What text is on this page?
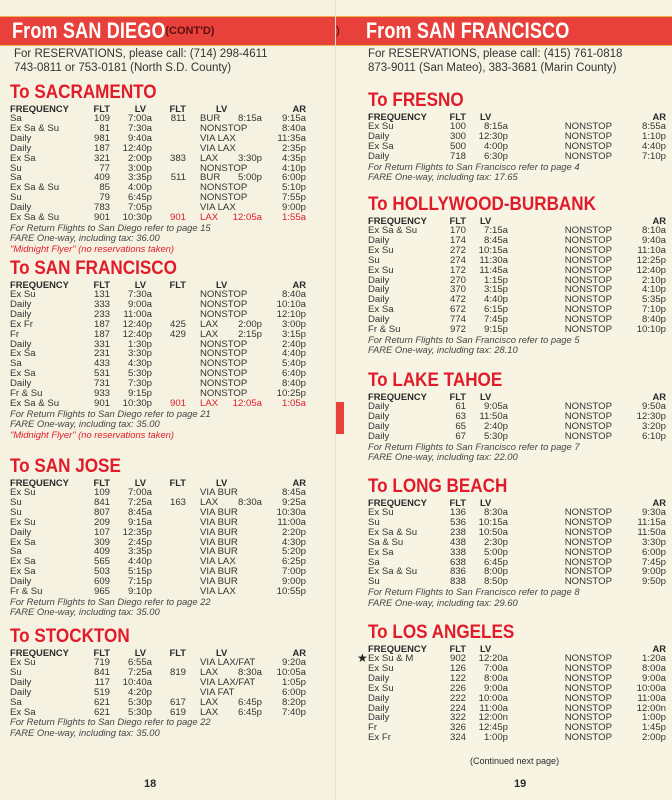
From SAN DIEGO (CONT'D)
For RESERVATIONS, please call: (714) 298-4611
743-0811 or 753-0181 (North S.D. County)
To SACRAMENTO
FREQUENCY	FLT	LV	FLT	LV	AR
Sa	109	7:00a	811	BUR 8:15a	9:15a
Ex Sa & Su	81	7:30a		NONSTOP	8:40a
Daily	981	9:40a		VIA LAX	11:35a
Daily	187	12:40p		VIA LAX	2:35p
Ex Sa	321	2:00p	383	LAX 3:30p	4:35p
Su	77	3:00p		NONSTOP	4:10p
Sa	409	3:35p	511	BUR 5:00p	6:00p
Ex Sa & Su	85	4:00p		NONSTOP	5:10p
Su	79	6:45p		NONSTOP	7:55p
Daily	783	7:05p		VIA LAX	9:00p
Ex Sa & Su	901	10:30p	901	LAX 12:05a	1:55a
For Return Flights to San Diego refer to page 15
FARE One-way, including tax: 36.00
"Midnight Flyer" (no reservations taken)
To SAN FRANCISCO
FREQUENCY	FLT	LV	FLT	LV	AR
Ex Su	131	7:30a		NONSTOP	8:40a
Daily	333	9:00a		NONSTOP	10:10a
Daily	233	11:00a		NONSTOP	12:10p
Ex Fr	187	12:40p	425	LAX 2:00p	3:00p
Fr	187	12:40p	429	LAX 2:15p	3:15p
Daily	331	1:30p		NONSTOP	2:40p
Ex Sa	231	3:30p		NONSTOP	4:40p
Sa	433	4:30p		NONSTOP	5:40p
Ex Sa	531	5:30p		NONSTOP	6:40p
Daily	731	7:30p		NONSTOP	8:40p
Fr & Su	933	9:15p		NONSTOP	10:25p
Ex Sa & Su	901	10:30p	901	LAX 12:05a	1:05a
For Return Flights to San Diego refer to page 21
FARE One-way, including tax: 35.00
"Midnight Flyer" (no reservations taken)
To SAN JOSE
FREQUENCY	FLT	LV	FLT	LV	AR
Ex Su	109	7:00a		VIA BUR	8:45a
Su	841	7:25a	163	LAX 8:30a	9:25a
Su	807	8:45a		VIA BUR	10:30a
Ex Su	209	9:15a		VIA BUR	11:00a
Daily	107	12:35p		VIA BUR	2:20p
Ex Sa	309	2:45p		VIA BUR	4:30p
Sa	409	3:35p		VIA BUR	5:20p
Ex Sa	565	4:40p		VIA LAX	6:25p
Ex Sa	503	5:15p		VIA BUR	7:00p
Daily	609	7:15p		VIA BUR	9:00p
Fr & Su	965	9:10p		VIA LAX	10:55p
For Return Flights to San Diego refer to page 22
FARE One-way, including tax: 35.00
To STOCKTON
FREQUENCY	FLT	LV	FLT	LV	AR
Ex Su	719	6:55a		VIA LAX/FAT	9:20a
Su	841	7:25a	819	LAX 8:30a	10:05a
Daily	117	10:40a		VIA LAX/FAT	1:05p
Daily	519	4:20p		VIA FAT	6:00p
Sa	621	5:30p	617	LAX 6:45p	8:20p
Ex Sa	621	5:30p	619	LAX 6:45p	7:40p
For Return Flights to San Diego refer to page 22
FARE One-way, including tax: 35.00
18
) From SAN FRANCISCO
For RESERVATIONS, please call: (415) 761-0818
873-9011 (San Mateo), 383-3681 (Marin County)
To FRESNO
FREQUENCY	FLT	LV		AR
Ex Su	100	8:15a	NONSTOP	8:55a
Daily	300	12:30p	NONSTOP	1:10p
Ex Sa	500	4:00p	NONSTOP	4:40p
Daily	718	6:30p	NONSTOP	7:10p
For Return Flights to San Francisco refer to page 4
FARE One-way, including tax: 17.65
To HOLLYWOOD-BURBANK
FREQUENCY	FLT	LV		AR
Ex Sa & Su	170	7:15a	NONSTOP	8:10a
Daily	174	8:45a	NONSTOP	9:40a
Ex Su	272	10:15a	NONSTOP	11:10a
Su	274	11:30a	NONSTOP	12:25p
Ex Su	172	11:45a	NONSTOP	12:40p
Daily	270	1:15p	NONSTOP	2:10p
Daily	370	3:15p	NONSTOP	4:10p
Daily	472	4:40p	NONSTOP	5:35p
Ex Sa	672	6:15p	NONSTOP	7:10p
Daily	774	7:45p	NONSTOP	8:40p
Fr & Su	972	9:15p	NONSTOP	10:10p
For Return Flights to San Francisco refer to page 5
FARE One-way, including tax: 28.10
To LAKE TAHOE
FREQUENCY	FLT	LV		AR
Daily	61	9:05a	NONSTOP	9:50a
Daily	63	11:50a	NONSTOP	12:30p
Daily	65	2:40p	NONSTOP	3:20p
Daily	67	5:30p	NONSTOP	6:10p
For Return Flights to San Francisco refer to page 7
FARE One-way, including tax: 22.00
To LONG BEACH
FREQUENCY	FLT	LV		AR
Ex Su	136	8:30a	NONSTOP	9:30a
Su	536	10:15a	NONSTOP	11:15a
Ex Sa & Su	238	10:50a	NONSTOP	11:50a
Sa & Su	438	2:30p	NONSTOP	3:30p
Ex Sa	338	5:00p	NONSTOP	6:00p
Sa	638	6:45p	NONSTOP	7:45p
Ex Sa & Su	836	8:00p	NONSTOP	9:00p
Su	838	8:50p	NONSTOP	9:50p
For Return Flights to San Francisco refer to page 8
FARE One-way, including tax: 29.60
To LOS ANGELES
FREQUENCY	FLT	LV		AR

★ Ex Su & M	902	12:20a	NONSTOP	1:20a
Ex Su	126	7:00a	NONSTOP	8:00a
Daily	122	8:00a	NONSTOP	9:00a
Ex Su	226	9:00a	NONSTOP	10:00a
Daily	222	10:00a	NONSTOP	11:00a
Daily	224	11:00a	NONSTOP	12:00n
Daily	322	12:00n	NONSTOP	1:00p
Fr	326	12:45p	NONSTOP	1:45p
Ex Fr	324	1:00p	NONSTOP	2:00p
(Continued next page)
19
